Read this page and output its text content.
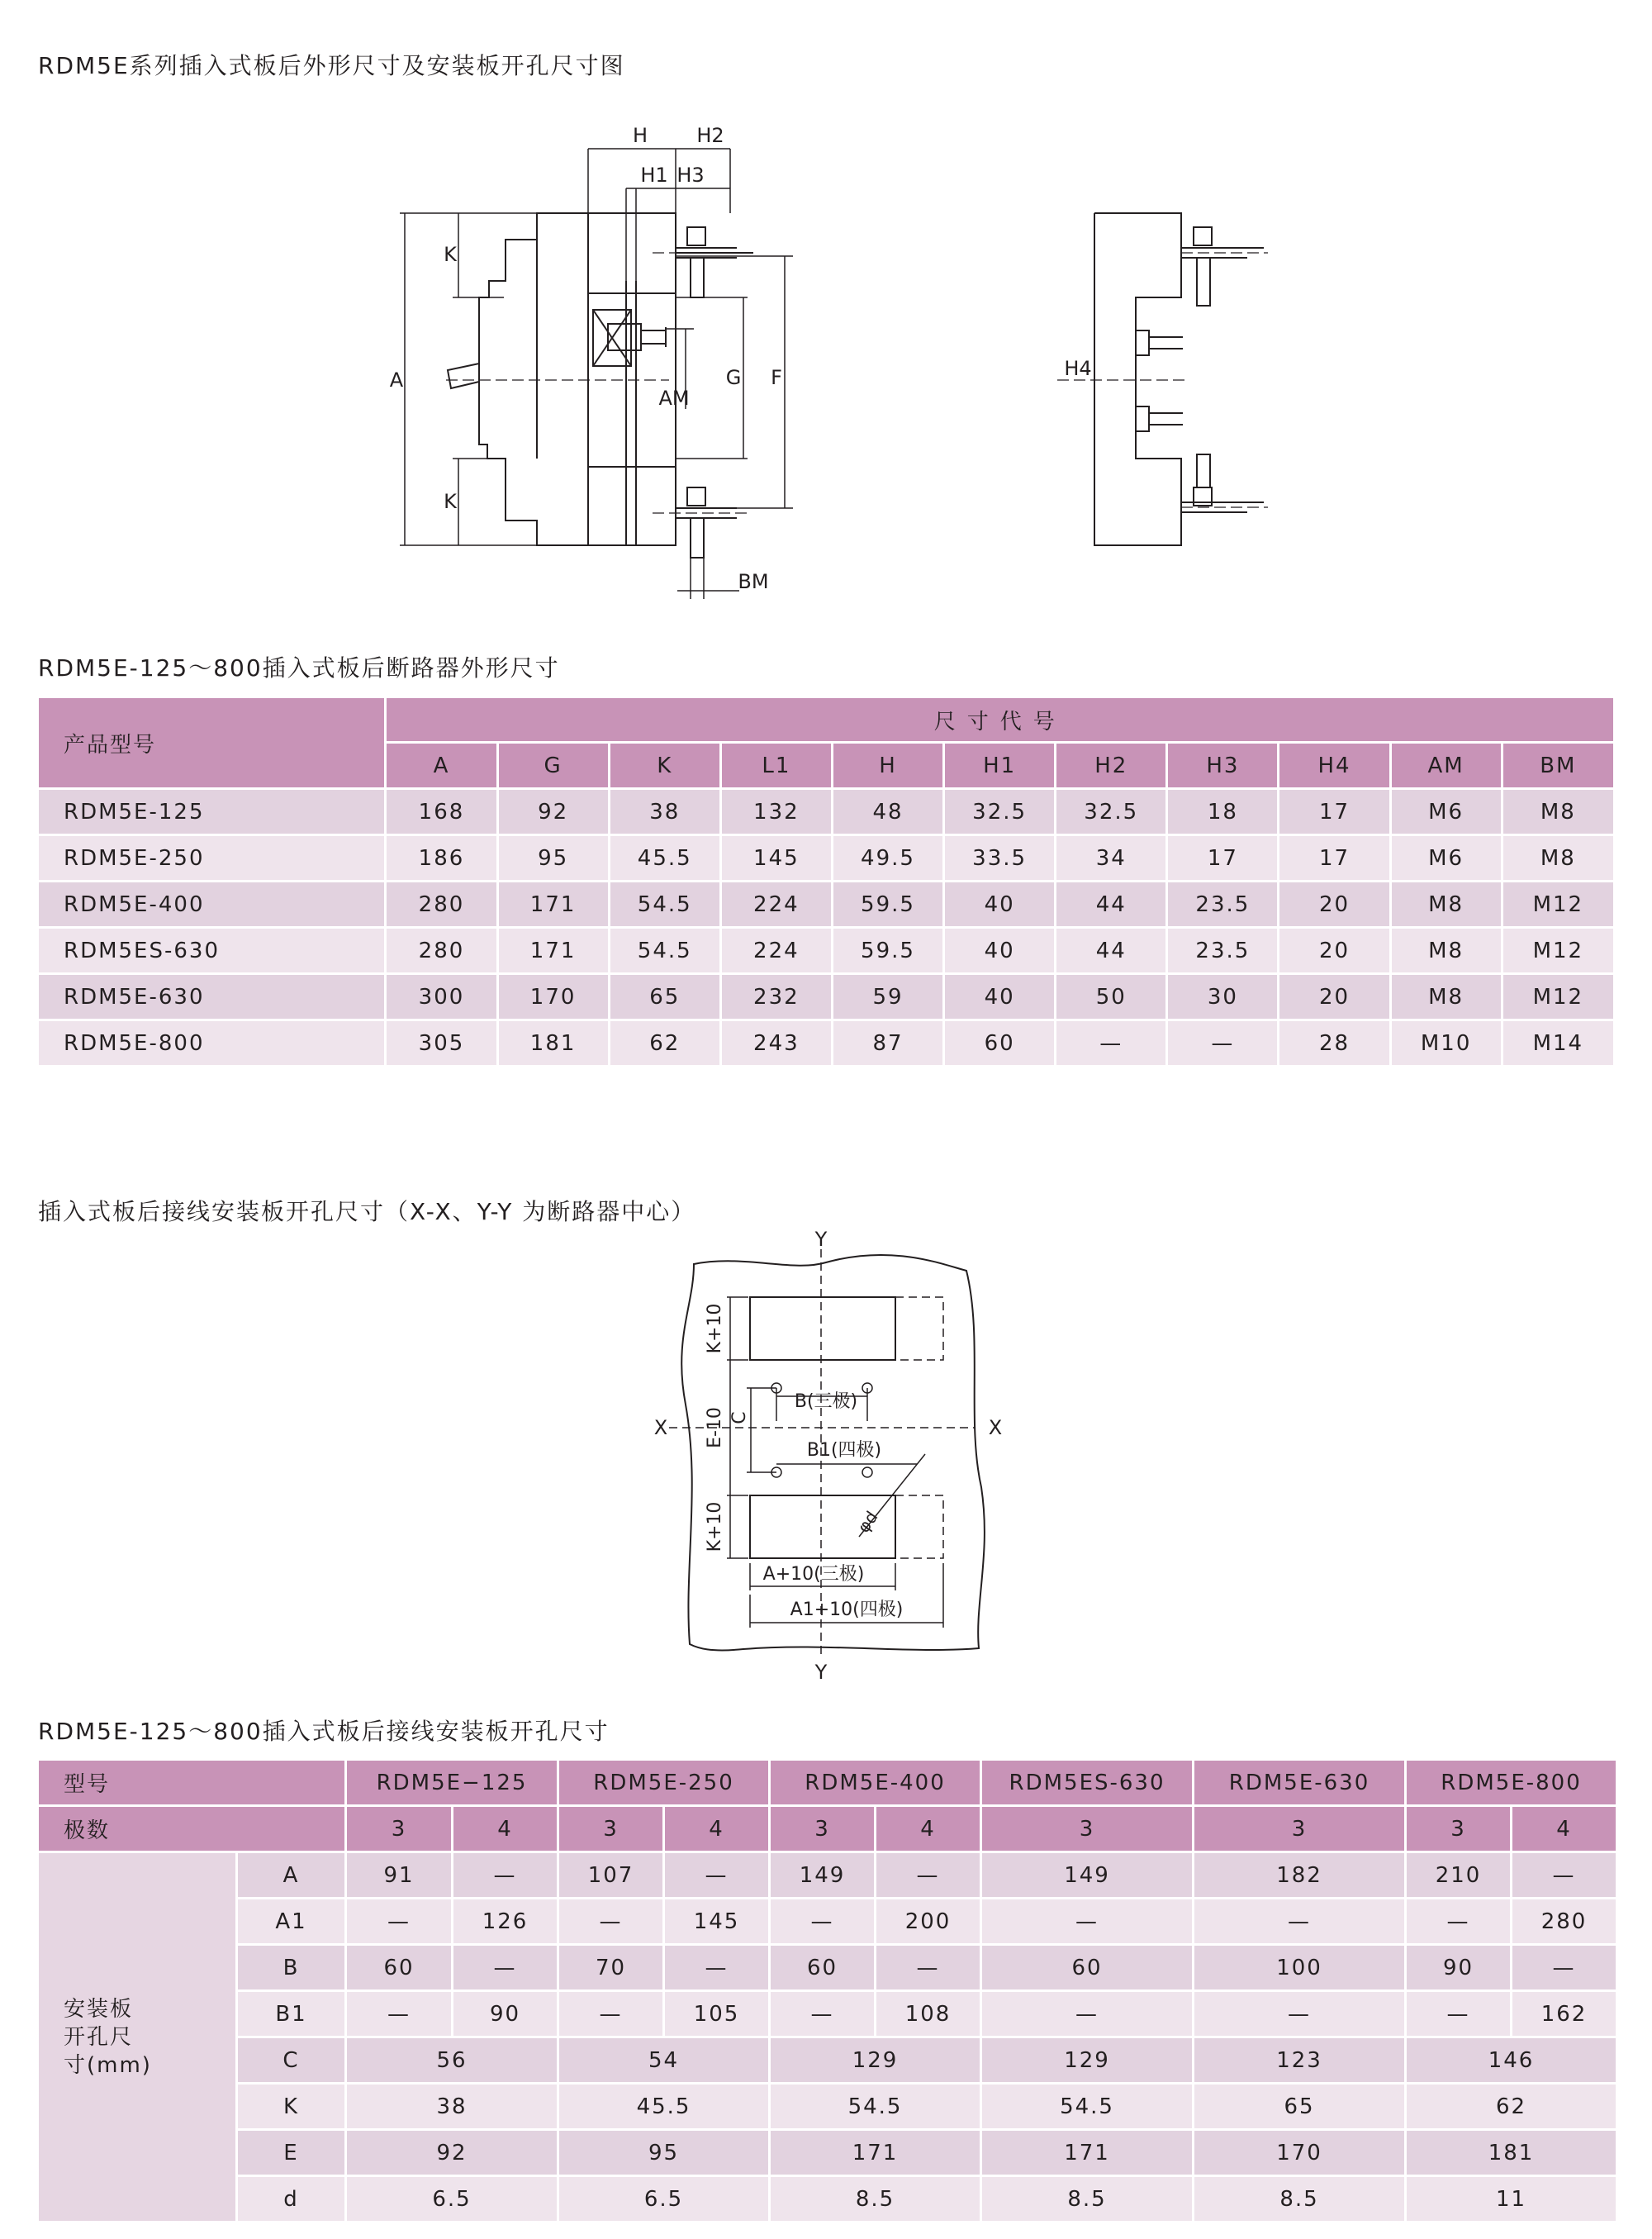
RDM5E系列插入式板后外形尺寸及安装板开孔尺寸图
H H2
H1 H3
K
A
AM
G F
K
BM
H4
RDM5E-125～800插入式板后断路器外形尺寸
产品型号	尺寸代号										
	A	G	K	L1	H	H1	H2	H3	H4	AM	BM
RDM5E-125	168	92	38	132	48	32.5	32.5	18	17	M6	M8
RDM5E-250	186	95	45.5	145	49.5	33.5	34	17	17	M6	M8
RDM5E-400	280	171	54.5	224	59.5	40	44	23.5	20	M8	M12
RDM5ES-630	280	171	54.5	224	59.5	40	44	23.5	20	M8	M12
RDM5E-630	300	170	65	232	59	40	50	30	20	M8	M12
RDM5E-800	305	181	62	243	87	60	—	—	28	M10	M14
插入式板后接线安装板开孔尺寸（X-X、Y-Y 为断路器中心）
Y
X	X
Y
K+10
E-10 C
K+10
B(三极)
B1(四极)
φd
A+10(三极)
A1+10(四极)
RDM5E-125～800插入式板后接线安装板开孔尺寸
型号		RDM5E−125		RDM5E-250		RDM5E-400		RDM5ES-630	RDM5E-630	RDM5E-800	
极数		3	4	3	4	3	4	3	3	3	4
安装板
开孔尺
寸(mm)	A	91	—	107	—	149	—	149	182	210	—
	A1	—	126	—	145	—	200	—	—	—	280
	B	60	—	70	—	60	—	60	100	90	—
	B1	—	90	—	105	—	108	—	—	—	162
	C	56		54		129		129	123	146	
	K	38		45.5		54.5		54.5	65	62	
	E	92		95		171		171	170	181	
	d	6.5		6.5		8.5		8.5	8.5	11	
